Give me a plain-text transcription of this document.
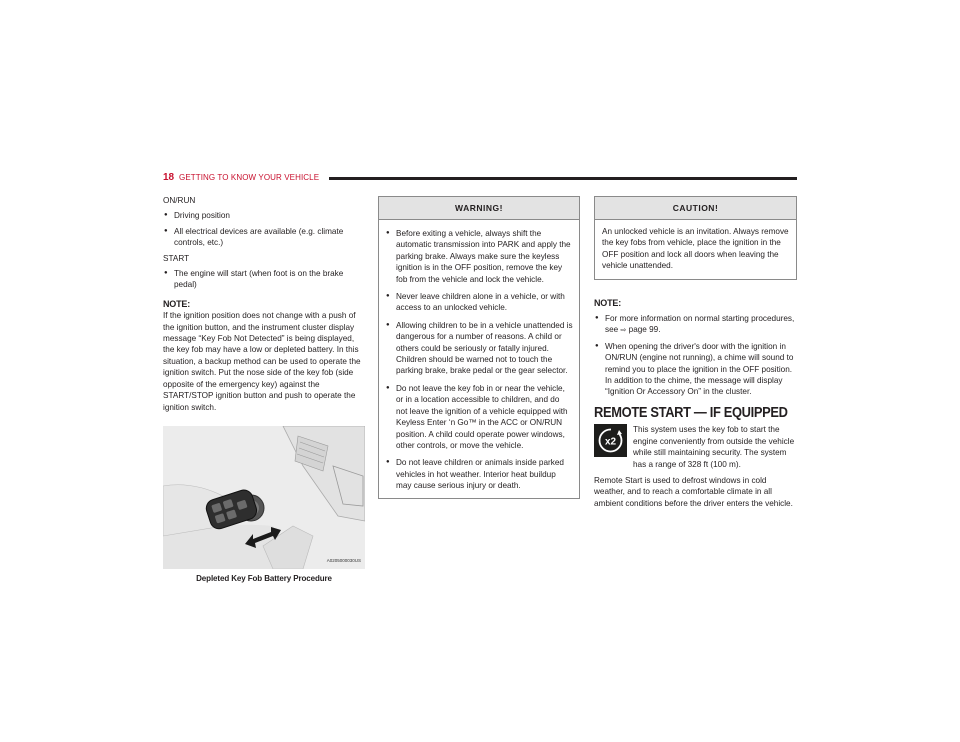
18 GETTING TO KNOW YOUR VEHICLE

ON/RUN

● Driving position
● All electrical devices are available (e.g. climate controls, etc.)

START

● The engine will start (when foot is on the brake pedal)
NOTE:

If the ignition position does not change with a push of the ignition button, and the instrument cluster display message “Key Fob Not Detected” is being displayed, the key fob may have a low or depleted battery. In this situation, a backup method can be used to operate the ignition switch. Put the nose side of the key fob (side opposite of the emergency key) against the START/STOP ignition button and push to operate the ignition switch.

A0205000030US
Depleted Key Fob Battery Procedure
WARNING!
● Before exiting a vehicle, always shift the automatic transmission into PARK and apply the parking brake. Always make sure the keyless ignition is in the OFF position, remove the key fob from the vehicle and lock the vehicle.
● Never leave children alone in a vehicle, or with access to an unlocked vehicle.
● Allowing children to be in a vehicle unattended is dangerous for a number of reasons. A child or others could be seriously or fatally injured. Children should be warned not to touch the parking brake, brake pedal or the gear selector.
● Do not leave the key fob in or near the vehicle, or in a location accessible to children, and do not leave the ignition of a vehicle equipped with Keyless Enter ‘n Go™ in the ACC or ON/RUN position. A child could operate power windows, other controls, or move the vehicle.
● Do not leave children or animals inside parked vehicles in hot weather. Interior heat buildup may cause serious injury or death.
CAUTION!
An unlocked vehicle is an invitation. Always remove the key fobs from vehicle, place the ignition in the OFF position and lock all doors when leaving the vehicle unattended.
NOTE:
● For more information on normal starting procedures, see ⇨ page 99.
● When opening the driver's door with the ignition in ON/RUN (engine not running), a chime will sound to remind you to place the ignition in the OFF position. In addition to the chime, the message will display “Ignition Or Accessory On” in the cluster.
REMOTE START — IF EQUIPPED
x2

This system uses the key fob to start the engine conveniently from outside the vehicle while still maintaining security. The system has a range of 328 ft (100 m).

Remote Start is used to defrost windows in cold weather, and to reach a comfortable climate in all ambient conditions before the driver enters the vehicle.
